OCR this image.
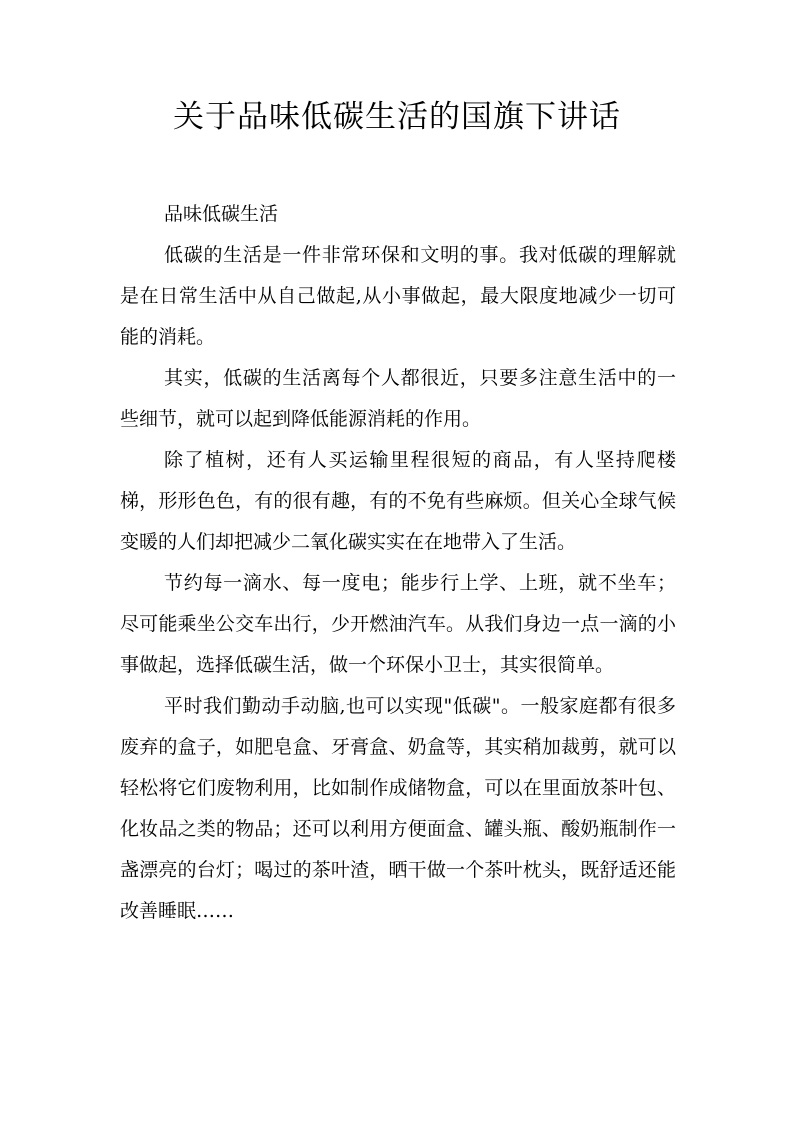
关于品味低碳生活的国旗下讲话

品味低碳生活

低碳的生活是一件非常环保和文明的事。我对低碳的理解就是在日常生活中从自己做起,从小事做起，最大限度地减少一切可能的消耗。

其实，低碳的生活离每个人都很近，只要多注意生活中的一些细节，就可以起到降低能源消耗的作用。

除了植树，还有人买运输里程很短的商品，有人坚持爬楼梯，形形色色，有的很有趣，有的不免有些麻烦。但关心全球气候变暖的人们却把减少二氧化碳实实在在地带入了生活。

节约每一滴水、每一度电；能步行上学、上班，就不坐车；尽可能乘坐公交车出行，少开燃油汽车。从我们身边一点一滴的小事做起，选择低碳生活，做一个环保小卫士，其实很简单。

平时我们勤动手动脑,也可以实现"低碳"。一般家庭都有很多废弃的盒子，如肥皂盒、牙膏盒、奶盒等，其实稍加裁剪，就可以轻松将它们废物利用，比如制作成储物盒，可以在里面放茶叶包、化妆品之类的物品；还可以利用方便面盒、罐头瓶、酸奶瓶制作一盏漂亮的台灯；喝过的茶叶渣，晒干做一个茶叶枕头，既舒适还能改善睡眠……
